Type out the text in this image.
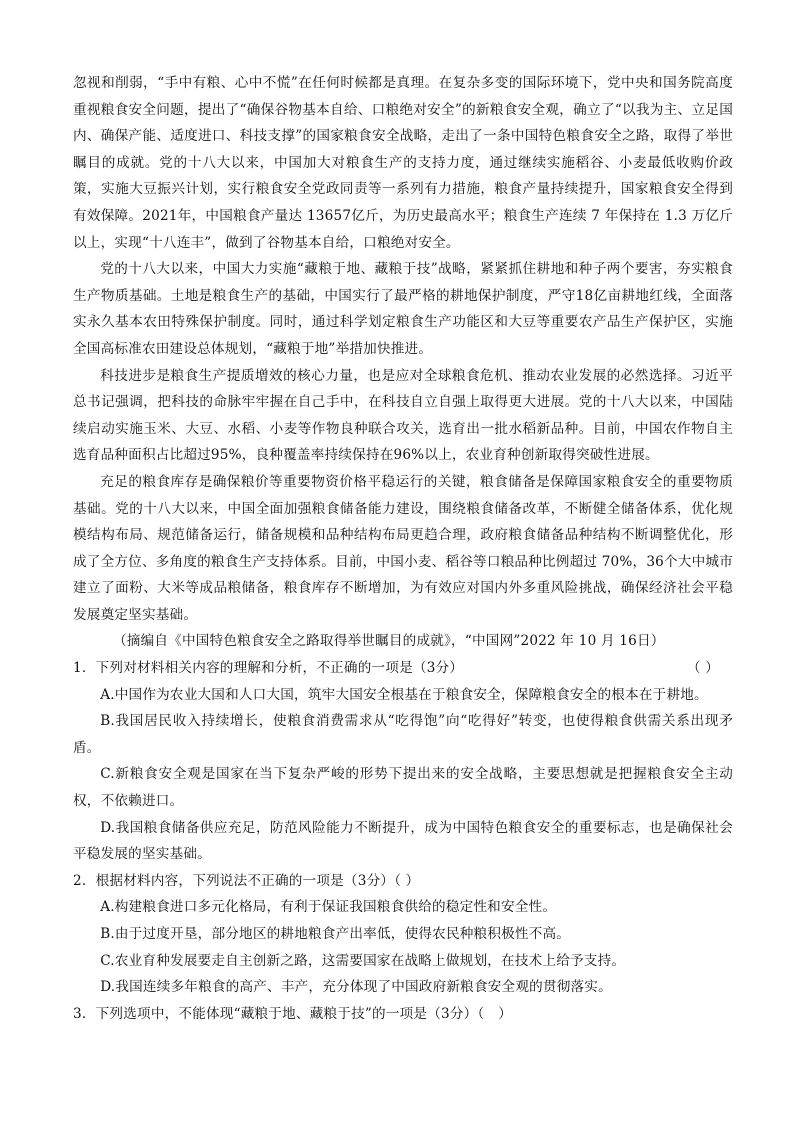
忽视和削弱，“手中有粮、心中不慌”在任何时候都是真理。在复杂多变的国际环境下，党中央和国务院高度重视粮食安全问题，提出了“确保谷物基本自给、口粮绝对安全”的新粮食安全观，确立了“以我为主、立足国内、确保产能、适度进口、科技支撑”的国家粮食安全战略，走出了一条中国特色粮食安全之路，取得了举世瞩目的成就。党的十八大以来，中国加大对粮食生产的支持力度，通过继续实施稻谷、小麦最低收购价政策，实施大豆振兴计划，实行粮食安全党政同责等一系列有力措施，粮食产量持续提升，国家粮食安全得到有效保障。2021年，中国粮食产量达 13657亿斤，为历史最高水平；粮食生产连续 7 年保持在 1.3 万亿斤以上，实现“十八连丰”，做到了谷物基本自给，口粮绝对安全。

党的十八大以来，中国大力实施“藏粮于地、藏粮于技”战略，紧紧抓住耕地和种子两个要害，夯实粮食生产物质基础。土地是粮食生产的基础，中国实行了最严格的耕地保护制度，严守18亿亩耕地红线，全面落实永久基本农田特殊保护制度。同时，通过科学划定粮食生产功能区和大豆等重要农产品生产保护区，实施全国高标准农田建设总体规划，“藏粮于地”举措加快推进。

科技进步是粮食生产提质增效的核心力量，也是应对全球粮食危机、推动农业发展的必然选择。习近平总书记强调，把科技的命脉牢牢握在自己手中，在科技自立自强上取得更大进展。党的十八大以来，中国陆续启动实施玉米、大豆、水稻、小麦等作物良种联合攻关，选育出一批水稻新品种。目前，中国农作物自主选育品种面积占比超过95%，良种覆盖率持续保持在96%以上，农业育种创新取得突破性进展。

充足的粮食库存是确保粮价等重要物资价格平稳运行的关键，粮食储备是保障国家粮食安全的重要物质基础。党的十八大以来，中国全面加强粮食储备能力建设，围绕粮食储备改革，不断健全储备体系，优化规模结构布局、规范储备运行，储备规模和品种结构布局更趋合理，政府粮食储备品种结构不断调整优化，形成了全方位、多角度的粮食生产支持体系。目前，中国小麦、稻谷等口粮品种比例超过 70%，36个大中城市建立了面粉、大米等成品粮储备，粮食库存不断增加，为有效应对国内外多重风险挑战，确保经济社会平稳发展奠定坚实基础。

（摘编自《中国特色粮食安全之路取得举世瞩目的成就》，“中国网”2022 年 10 月 16日）

1．下列对材料相关内容的理解和分析，不正确的一项是（3分）	（ ）

A.中国作为农业大国和人口大国，筑牢大国安全根基在于粮食安全，保障粮食安全的根本在于耕地。

B.我国居民收入持续增长，使粮食消费需求从“吃得饱”向“吃得好”转变，也使得粮食供需关系出现矛盾。

C.新粮食安全观是国家在当下复杂严峻的形势下提出来的安全战略，主要思想就是把握粮食安全主动权，不依赖进口。

D.我国粮食储备供应充足，防范风险能力不断提升，成为中国特色粮食安全的重要标志，也是确保社会平稳发展的坚实基础。

2．根据材料内容，下列说法不正确的一项是（3分）（ ）

A.构建粮食进口多元化格局，有利于保证我国粮食供给的稳定性和安全性。

B.由于过度开垦，部分地区的耕地粮食产出率低，使得农民种粮积极性不高。

C.农业育种发展要走自主创新之路，这需要国家在战略上做规划，在技术上给予支持。

D.我国连续多年粮食的高产、丰产，充分体现了中国政府新粮食安全观的贯彻落实。

3．下列选项中，不能体现“藏粮于地、藏粮于技”的一项是（3分）（　）
